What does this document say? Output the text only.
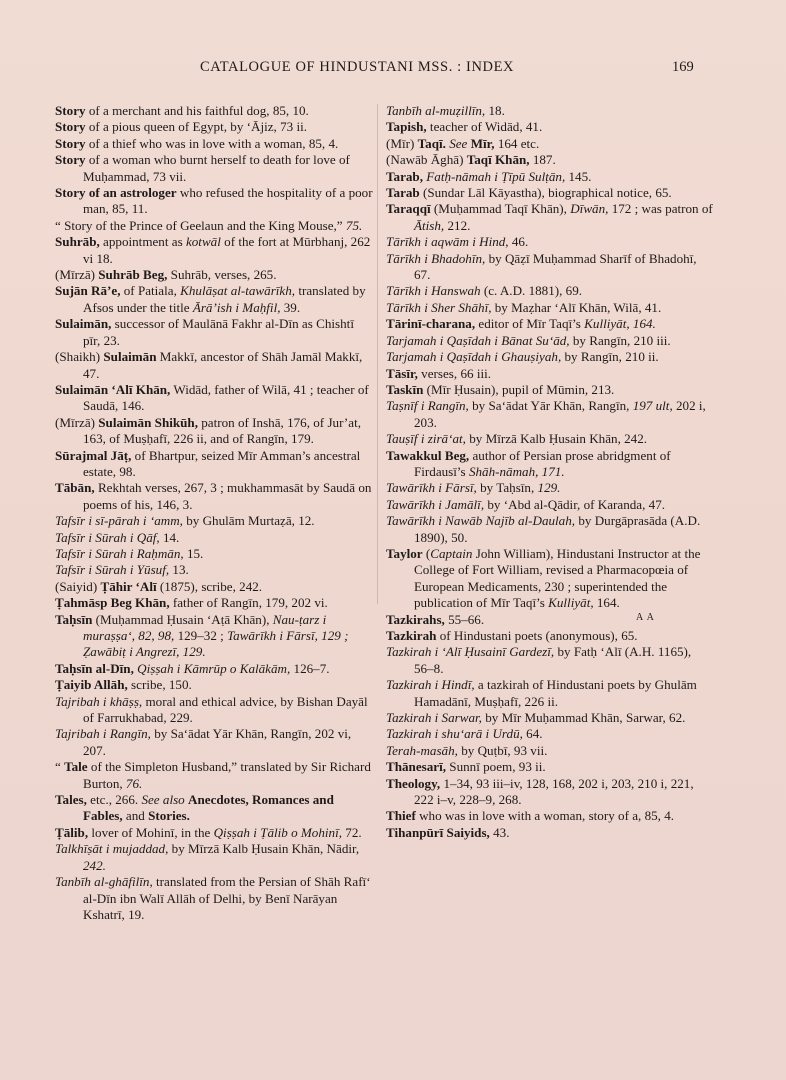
CATALOGUE OF HINDUSTANI MSS. : INDEX	169

Story of a merchant and his faithful dog, 85, 10.

Story of a pious queen of Egypt, by ‘Ājiz, 73 ii.

Story of a thief who was in love with a woman, 85, 4.

Story of a woman who burnt herself to death for love of Muḥammad, 73 vii.

Story of an astrologer who refused the hospitality of a poor man, 85, 11.

“ Story of the Prince of Geelaun and the King Mouse,” 75.

Suhrāb, appointment as kotwāl of the fort at Mūrbhanj, 262 vi 18.

(Mīrzā) Suhrāb Beg, Suhrāb, verses, 265.

Sujān Rā’e, of Patiala, Khulāṣat al-tawārīkh, translated by Afsos under the title Ārā’ish i Maḥfil, 39.

Sulaimān, successor of Maulānā Fakhr al-Dīn as Chishtī pīr, 23.

(Shaikh) Sulaimān Makkī, ancestor of Shāh Jamāl Makkī, 47.

Sulaimān ‘Alī Khān, Widād, father of Wilā, 41 ; teacher of Saudā, 146.

(Mīrzā) Sulaimān Shikūh, patron of Inshā, 176, of Jur’at, 163, of Muṣḥafī, 226 ii, and of Rangīn, 179.

Sūrajmal Jāṭ, of Bhartpur, seized Mīr Amman’s ancestral estate, 98.

Tābān, Rekhtah verses, 267, 3 ; mukhammasāt by Saudā on poems of his, 146, 3.

Tafsīr i sī-pārah i ‘amm, by Ghulām Murtaẓā, 12.

Tafsīr i Sūrah i Qāf, 14.

Tafsīr i Sūrah i Raḥmān, 15.

Tafsīr i Sūrah i Yūsuf, 13.

(Saiyid) Ṭāhir ‘Alī (1875), scribe, 242.

Ṭahmāsp Beg Khān, father of Rangīn, 179, 202 vi.

Taḥsīn (Muḥammad Ḥusain ‘Aṭā Khān), Nau-ṭarz i muraṣṣa‘, 82, 98, 129–32 ; Tawārīkh i Fārsī, 129 ; Ẓawābiṭ i Angrezī, 129.

Taḥsīn al-Dīn, Qiṣṣah i Kāmrūp o Kalākām, 126–7.

Ṭaiyib Allāh, scribe, 150.

Tajribah i khāṣṣ, moral and ethical advice, by Bishan Dayāl of Farrukhabad, 229.

Tajribah i Rangīn, by Sa‘ādat Yār Khān, Rangīn, 202 vi, 207.

“ Tale of the Simpleton Husband,” translated by Sir Richard Burton, 76.

Tales, etc., 266. See also Anecdotes, Romances and Fables, and Stories.

Ṭālib, lover of Mohinī, in the Qiṣṣah i Ṭālib o Mohinī, 72.

Talkhīṣāt i mujaddad, by Mīrzā Kalb Ḥusain Khān, Nādir, 242.

Tanbīh al-ghāfilīn, translated from the Persian of Shāh Rafī‘ al-Dīn ibn Walī Allāh of Delhi, by Benī Narāyan Kshatrī, 19.

Tanbīh al-muẓillīn, 18.

Tapish, teacher of Widād, 41.

(Mīr) Taqī. See Mīr, 164 etc.

(Nawāb Āghā) Taqī Khān, 187.

Tarab, Fatḥ-nāmah i Ṭīpū Sulṭān, 145.

Tarab (Sundar Lāl Kāyastha), biographical notice, 65.

Taraqqī (Muḥammad Taqī Khān), Dīwān, 172 ; was patron of Ātish, 212.

Tārīkh i aqwām i Hind, 46.

Tārīkh i Bhadohīn, by Qāẓī Muḥammad Sharīf of Bhadohī, 67.

Tārīkh i Hanswah (c. A.D. 1881), 69.

Tārīkh i Sher Shāhī, by Maẓhar ‘Alī Khān, Wilā, 41.

Tārinī-charana, editor of Mīr Taqī’s Kulliyāt, 164.

Tarjamah i Qaṣīdah i Bānat Su‘ād, by Rangīn, 210 iii.

Tarjamah i Qaṣīdah i Ghauṣiyah, by Rangīn, 210 ii.

Tāsīr, verses, 66 iii.

Taskīn (Mīr Ḥusain), pupil of Mūmin, 213.

Taṣnīf i Rangīn, by Sa‘ādat Yār Khān, Rangīn, 197 ult, 202 i, 203.

Tauṣīf i zirā‘at, by Mīrzā Kalb Ḥusain Khān, 242.

Tawakkul Beg, author of Persian prose abridgment of Firdausī’s Shāh-nāmah, 171.

Tawārīkh i Fārsī, by Taḥsīn, 129.

Tawārīkh i Jamālī, by ‘Abd al-Qādir, of Karanda, 47.

Tawārīkh i Nawāb Najīb al-Daulah, by Durgāprasāda (A.D. 1890), 50.

Taylor (Captain John William), Hindustani Instructor at the College of Fort William, revised a Pharmacopœia of European Medicaments, 230 ; superintended the publication of Mīr Taqī’s Kulliyāt, 164.

Tazkirahs, 55–66.

Tazkirah of Hindustani poets (anonymous), 65.

Tazkirah i ‘Alī Ḥusainī Gardezī, by Fatḥ ‘Alī (A.H. 1165), 56–8.

Tazkirah i Hindī, a tazkirah of Hindustani poets by Ghulām Hamadānī, Muṣḥafī, 226 ii.

Tazkirah i Sarwar, by Mīr Muḥammad Khān, Sarwar, 62.

Tazkirah i shu‘arā i Urdū, 64.

Terah-masāh, by Quṭbī, 93 vii.

Thānesarī, Sunnī poem, 93 ii.

Theology, 1–34, 93 iii–iv, 128, 168, 202 i, 203, 210 i, 221, 222 i–v, 228–9, 268.

Thief who was in love with a woman, story of a, 85, 4.

Tihanpūrī Saiyids, 43.

A A
